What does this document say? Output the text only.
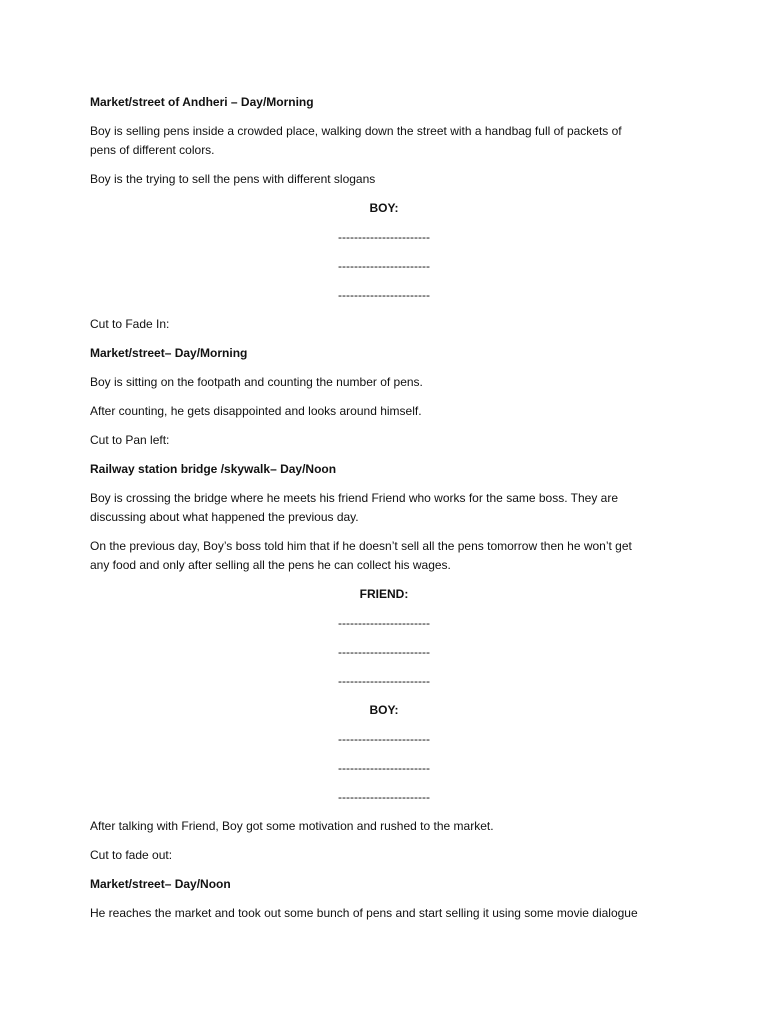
Market/street of Andheri – Day/Morning

Boy is selling pens inside a crowded place, walking down the street with a handbag full of packets of
pens of different colors.

Boy is the trying to sell the pens with different slogans

BOY:

-----------------------

-----------------------

-----------------------

Cut to Fade In:

Market/street– Day/Morning

Boy is sitting on the footpath and counting the number of pens.

After counting, he gets disappointed and looks around himself.

Cut to Pan left:

Railway station bridge /skywalk– Day/Noon

Boy is crossing the bridge where he meets his friend Friend who works for the same boss. They are
discussing about what happened the previous day.

On the previous day, Boy’s boss told him that if he doesn’t sell all the pens tomorrow then he won’t get
any food and only after selling all the pens he can collect his wages.

FRIEND:

-----------------------

-----------------------

-----------------------

BOY:

-----------------------

-----------------------

-----------------------

After talking with Friend, Boy got some motivation and rushed to the market.

Cut to fade out:

Market/street– Day/Noon

He reaches the market and took out some bunch of pens and start selling it using some movie dialogue
